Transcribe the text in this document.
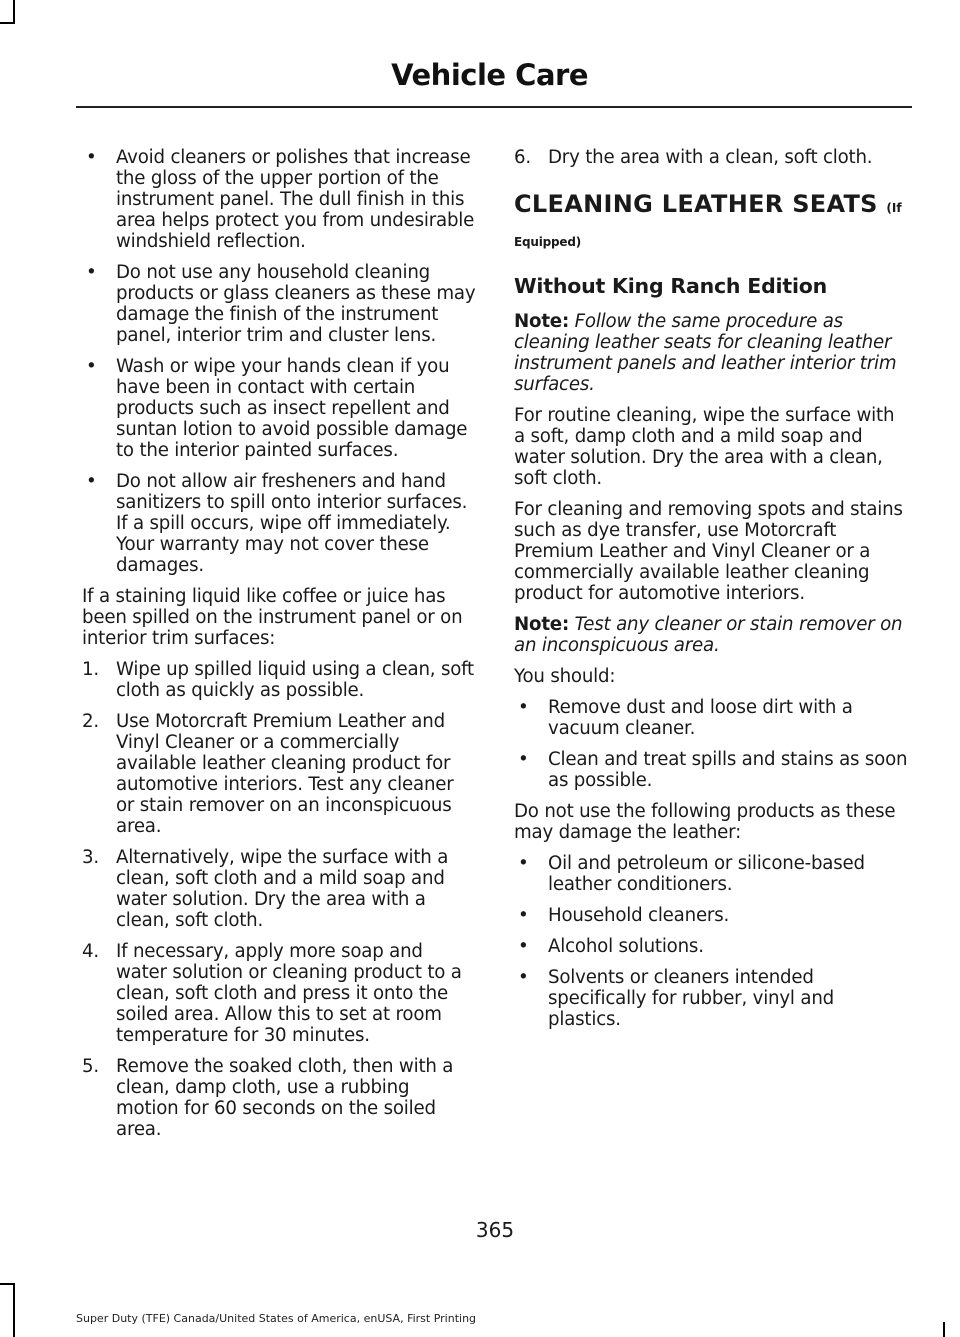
Vehicle Care
• Avoid cleaners or polishes that increase the gloss of the upper portion of the instrument panel. The dull finish in this area helps protect you from undesirable windshield reflection.
• Do not use any household cleaning products or glass cleaners as these may damage the finish of the instrument panel, interior trim and cluster lens.
• Wash or wipe your hands clean if you have been in contact with certain products such as insect repellent and suntan lotion to avoid possible damage to the interior painted surfaces.
• Do not allow air fresheners and hand sanitizers to spill onto interior surfaces. If a spill occurs, wipe off immediately. Your warranty may not cover these damages.

If a staining liquid like coffee or juice has been spilled on the instrument panel or on interior trim surfaces:

1. Wipe up spilled liquid using a clean, soft cloth as quickly as possible.
2. Use Motorcraft Premium Leather and Vinyl Cleaner or a commercially available leather cleaning product for automotive interiors. Test any cleaner or stain remover on an inconspicuous area.
3. Alternatively, wipe the surface with a clean, soft cloth and a mild soap and water solution. Dry the area with a clean, soft cloth.
4. If necessary, apply more soap and water solution or cleaning product to a clean, soft cloth and press it onto the soiled area. Allow this to set at room temperature for 30 minutes.
5. Remove the soaked cloth, then with a clean, damp cloth, use a rubbing motion for 60 seconds on the soiled area.
6. Dry the area with a clean, soft cloth.
CLEANING LEATHER SEATS (If
Equipped)
Without King Ranch Edition

Note: Follow the same procedure as cleaning leather seats for cleaning leather instrument panels and leather interior trim surfaces.

For routine cleaning, wipe the surface with a soft, damp cloth and a mild soap and water solution. Dry the area with a clean, soft cloth.

For cleaning and removing spots and stains such as dye transfer, use Motorcraft Premium Leather and Vinyl Cleaner or a commercially available leather cleaning product for automotive interiors.

Note: Test any cleaner or stain remover on an inconspicuous area.

You should:

• Remove dust and loose dirt with a vacuum cleaner.
• Clean and treat spills and stains as soon as possible.

Do not use the following products as these may damage the leather:

• Oil and petroleum or silicone-based leather conditioners.
• Household cleaners.
• Alcohol solutions.
• Solvents or cleaners intended specifically for rubber, vinyl and plastics.
365
Super Duty (TFE) Canada/United States of America, enUSA, First Printing
